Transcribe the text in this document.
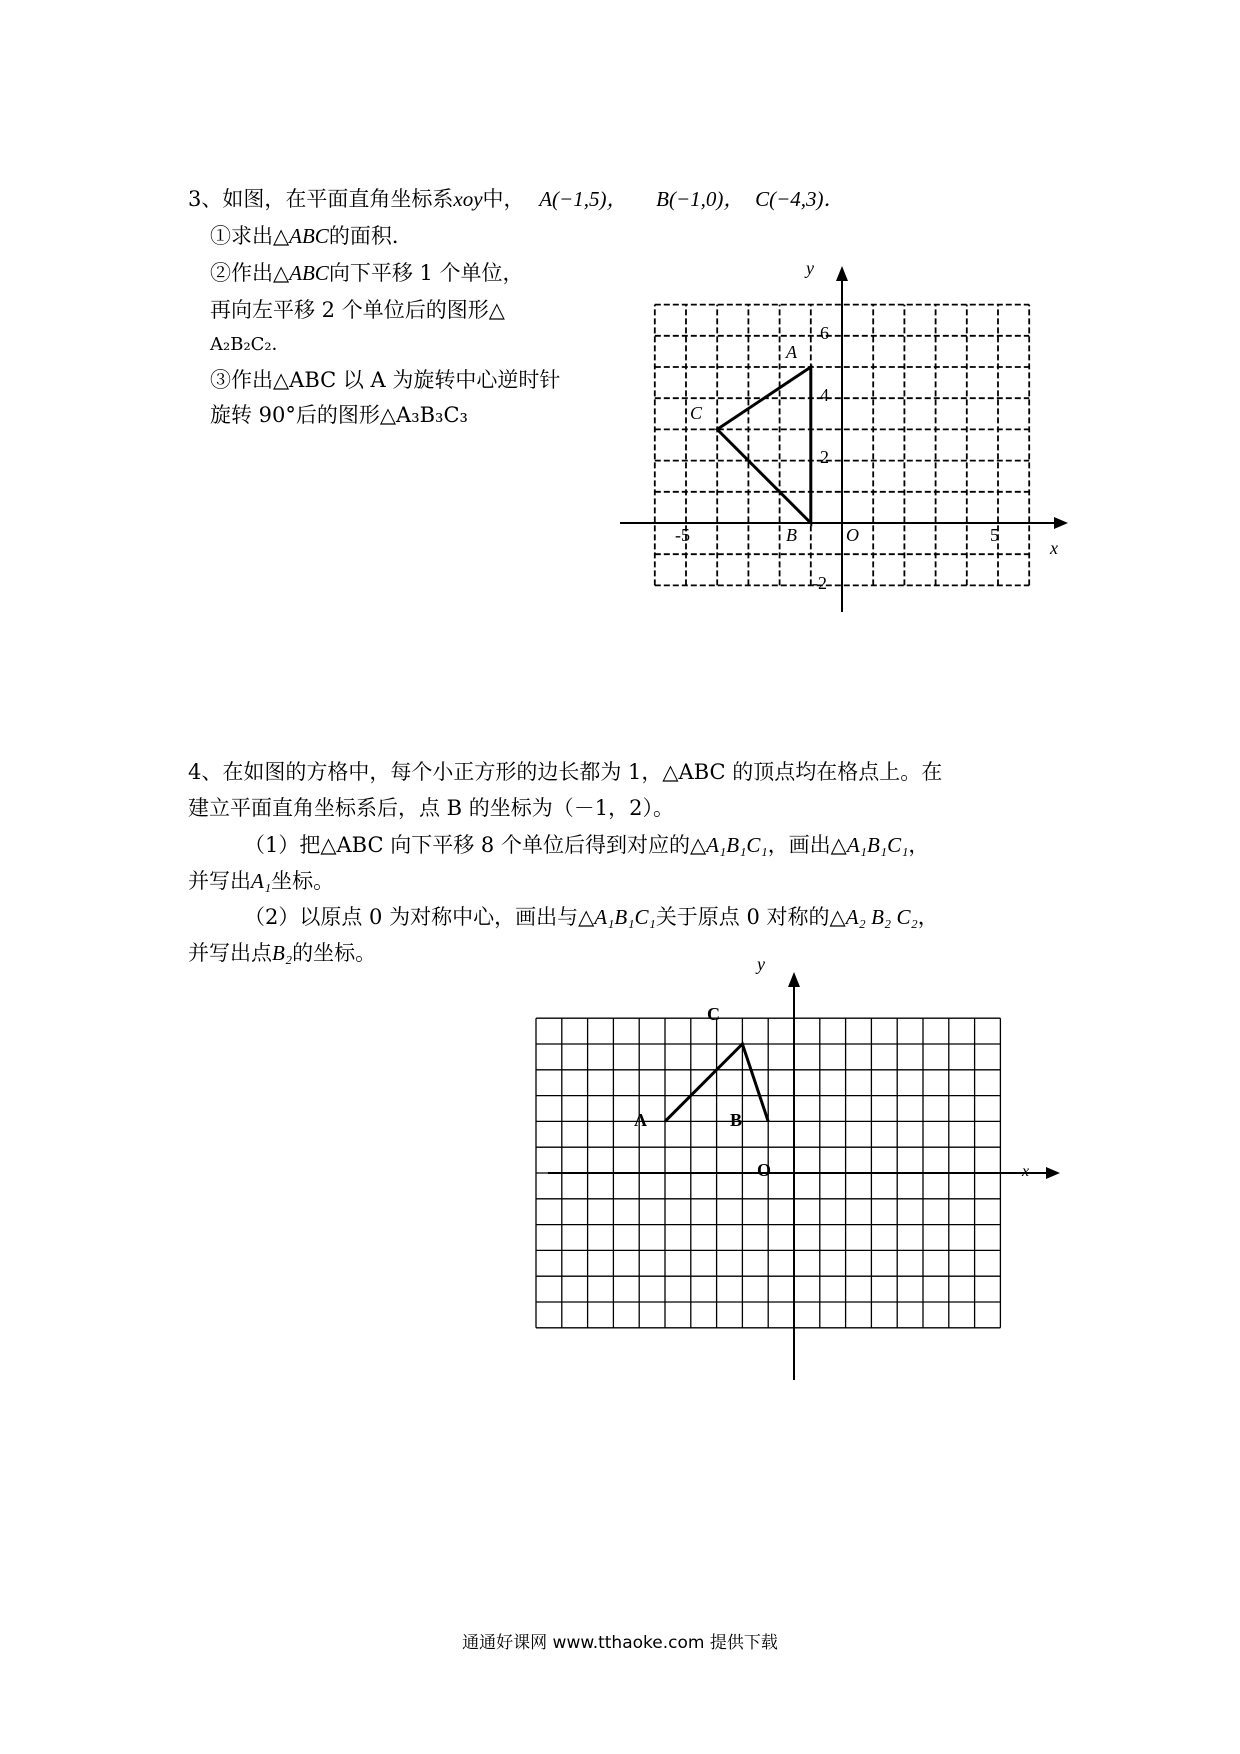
3、如图，在平面直角坐标系xoy中， A(−1,5)， B(−1,0)， C(−4,3)．
①求出△ABC的面积．
②作出△ABC向下平移 1 个单位，
再向左平移 2 个单位后的图形△
A₂B₂C₂．
③作出△ABC 以 A 为旋转中心逆时针
旋转 90°后的图形△A₃B₃C₃
4、在如图的方格中，每个小正方形的边长都为 1，△ABC 的顶点均在格点上。在
建立平面直角坐标系后，点 B 的坐标为（－1，2）。
（1）把△ABC 向下平移 8 个单位后得到对应的△A₁B₁C₁，画出△A₁B₁C₁，
并写出A₁坐标。
（2）以原点 0 为对称中心，画出与△A₁B₁C₁关于原点 0 对称的△A₂ B₂ C₂，
并写出点B₂的坐标。
x
y
O
-5	5
2
4
6
-2
A
B
C
x
y
O
A	B
C
通通好课网 www.tthaoke.com 提供下载
